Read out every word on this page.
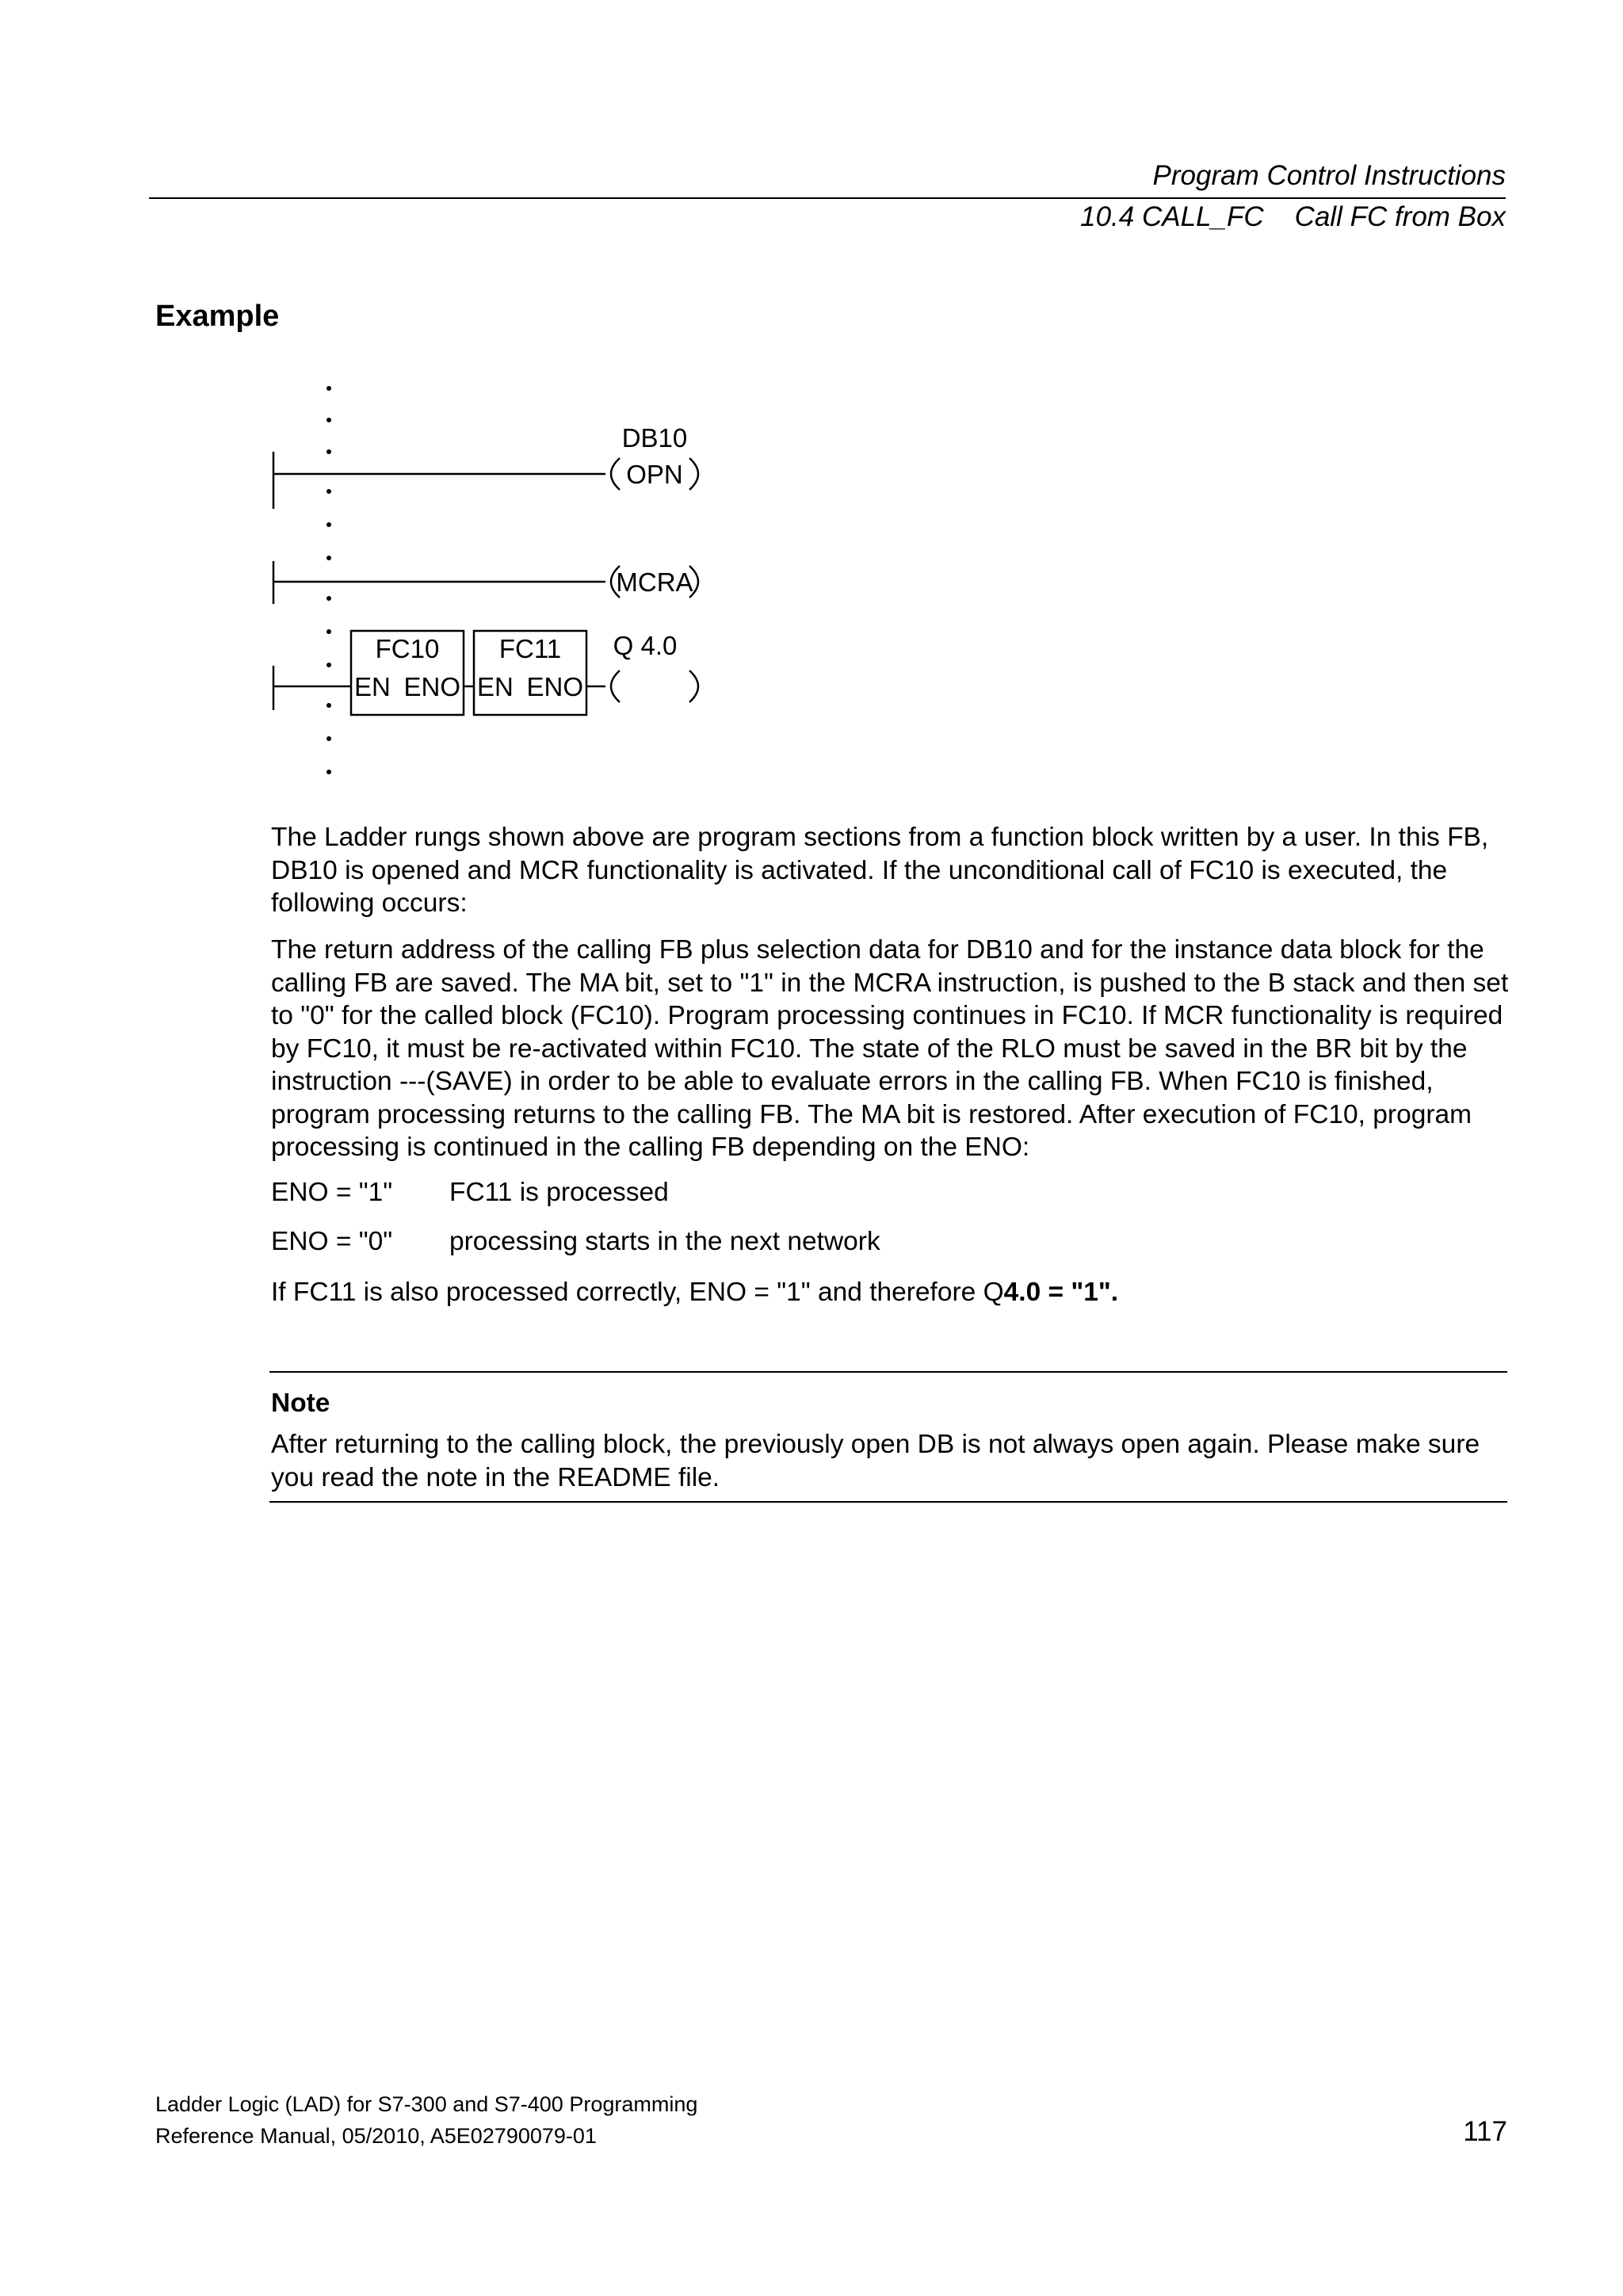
Program Control Instructions
10.4 CALL_FC Call FC from Box
Example
DB10
OPN
MCRA
FC10
EN ENO
FC11
EN ENO
Q 4.0
The Ladder rungs shown above are program sections from a function block written by a user. In this FB, DB10 is opened and MCR functionality is activated. If the unconditional call of FC10 is executed, the following occurs:
The return address of the calling FB plus selection data for DB10 and for the instance data block for the calling FB are saved. The MA bit, set to "1" in the MCRA instruction, is pushed to the B stack and then set to "0" for the called block (FC10). Program processing continues in FC10. If MCR functionality is required by FC10, it must be re-activated within FC10. The state of the RLO must be saved in the BR bit by the instruction ---(SAVE) in order to be able to evaluate errors in the calling FB. When FC10 is finished, program processing returns to the calling FB. The MA bit is restored. After execution of FC10, program processing is continued in the calling FB depending on the ENO:
ENO = "1" FC11 is processed
ENO = "0" processing starts in the next network
If FC11 is also processed correctly, ENO = "1" and therefore Q4.0 = "1".
Note
After returning to the calling block, the previously open DB is not always open again. Please make sure you read the note in the README file.
Ladder Logic (LAD) for S7-300 and S7-400 Programming
Reference Manual, 05/2010, A5E02790079-01	117
